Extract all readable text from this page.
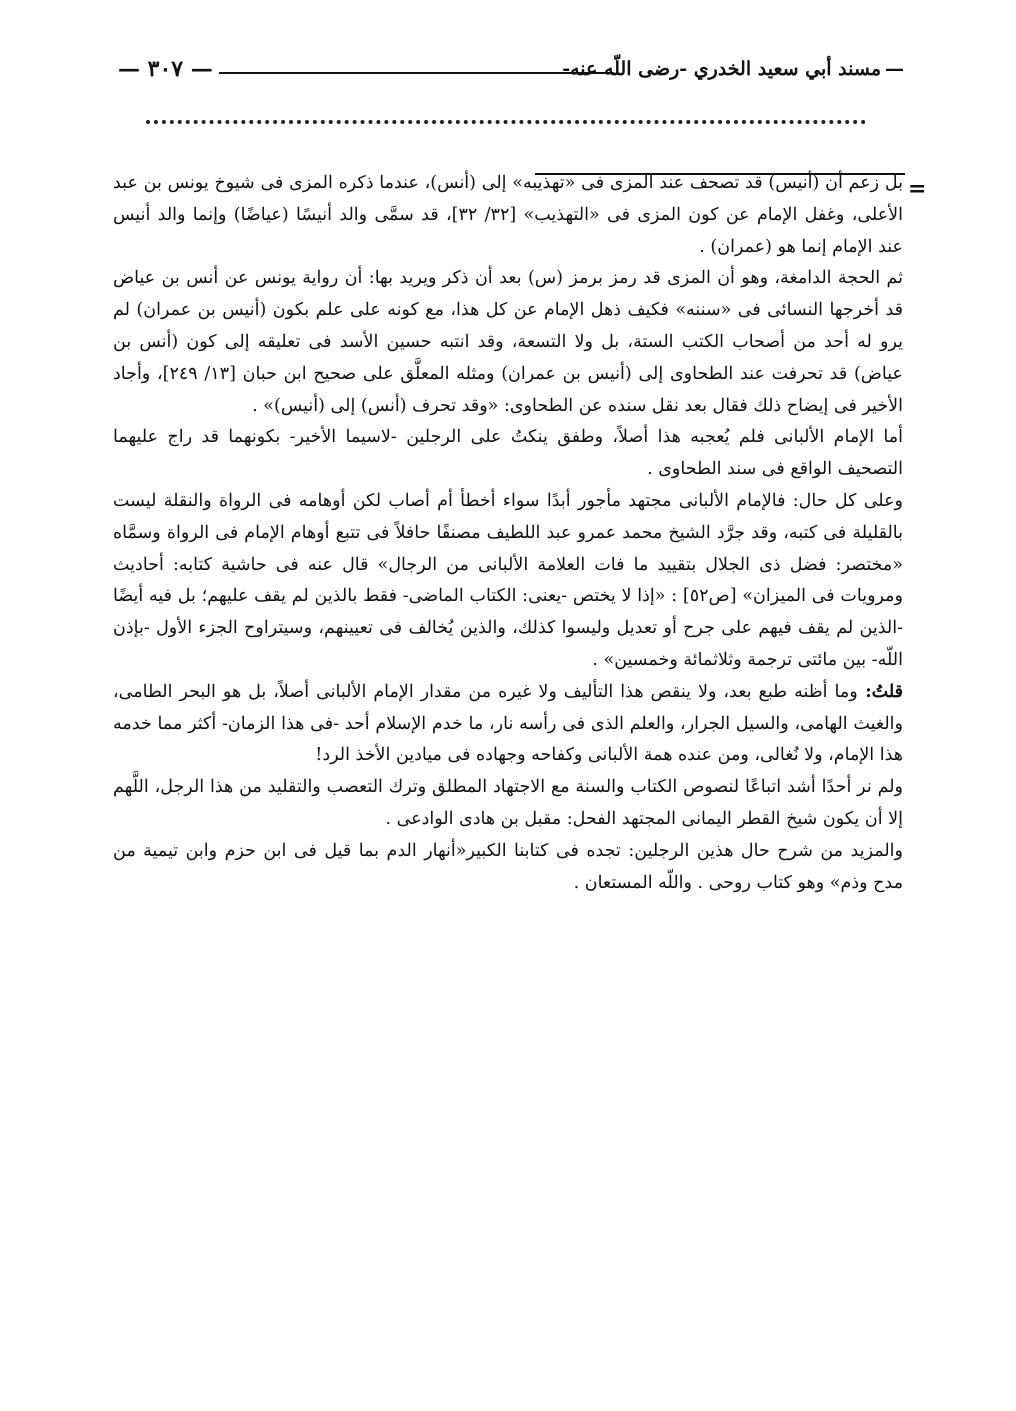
—مسند أبي سعيد الخدري -رضى اللّه عنه-
— ٣٠٧ —
=

بل زعم أن (أنيس) قد تصحف عند المزى فى «تهذيبه» إلى (أنس)، عندما ذكره المزى فى شيوخ يونس بن عبد الأعلى، وغفل الإمام عن كون المزى فى «التهذيب» [٣٢/ ٣٢]، قد سمَّى والد أنيسًا (عياضًا) وإنما والد أنيس عند الإمام إنما هو (عمران) .

ثم الحجة الدامغة، وهو أن المزى قد رمز برمز (س) بعد أن ذكر ويريد بها: أن رواية يونس عن أنس بن عياض قد أخرجها النسائى فى «سننه» فكيف ذهل الإمام عن كل هذا، مع كونه على علم بكون (أنيس بن عمران) لم يرو له أحد من أصحاب الكتب الستة، بل ولا التسعة، وقد انتبه حسين الأسد فى تعليقه إلى كون (أنس بن عياض) قد تحرفت عند الطحاوى إلى (أنيس بن عمران) ومثله المعلَّق على صحيح ابن حبان [١٣/ ٢٤٩]، وأجاد الأخير فى إيضاح ذلك فقال بعد نقل سنده عن الطحاوى: «وقد تحرف (أنس) إلى (أنيس)» .

أما الإمام الألبانى فلم يُعجبه هذا أصلاً، وطفق ينكتُ على الرجلين -لاسيما الأخير- بكونهما قد راج عليهما التصحيف الواقع فى سند الطحاوى .

وعلى كل حال: فالإمام الألبانى مجتهد مأجور أبدًا سواء أخطأ أم أصاب لكن أوهامه فى الرواة والنقلة ليست بالقليلة فى كتبه، وقد جرَّد الشيخ محمد عمرو عبد اللطيف مصنفًا حافلاً فى تتبع أوهام الإمام فى الرواة وسمَّاه «مختصر: فضل ذى الجلال بتقييد ما فات العلامة الألبانى من الرجال» قال عنه فى حاشية كتابه: أحاديث ومرويات فى الميزان» [ص٥٢] : «إذا لا يختص -يعنى: الكتاب الماضى- فقط بالذين لم يقف عليهم؛ بل فيه أيضًا -الذين لم يقف فيهم على جرح أو تعديل وليسوا كذلك، والذين يُخالف فى تعيينهم، وسيتراوح الجزء الأول -بإذن اللّه- بين مائتى ترجمة وثلاثمائة وخمسين» .

قلتُ: وما أظنه طبع بعد، ولا ينقص هذا التأليف ولا غيره من مقدار الإمام الألبانى أصلاً، بل هو البحر الطامى، والغيث الهامى، والسيل الجرار، والعلم الذى فى رأسه نار، ما خدم الإسلام أحد -فى هذا الزمان- أكثر مما خدمه هذا الإمام، ولا نُغالى، ومن عنده همة الألبانى وكفاحه وجهاده فى ميادين الأخذ الرد!

ولم نر أحدًا أشد اتباعًا لنصوص الكتاب والسنة مع الاجتهاد المطلق وترك التعصب والتقليد من هذا الرجل، اللَّهم إلا أن يكون شيخ القطر اليمانى المجتهد الفحل: مقبل بن هادى الوادعى .

والمزيد من شرح حال هذين الرجلين: تجده فى كتابنا الكبير«أنهار الدم بما قيل فى ابن حزم وابن تيمية من مدح وذم» وهو كتاب روحى . واللّه المستعان .
